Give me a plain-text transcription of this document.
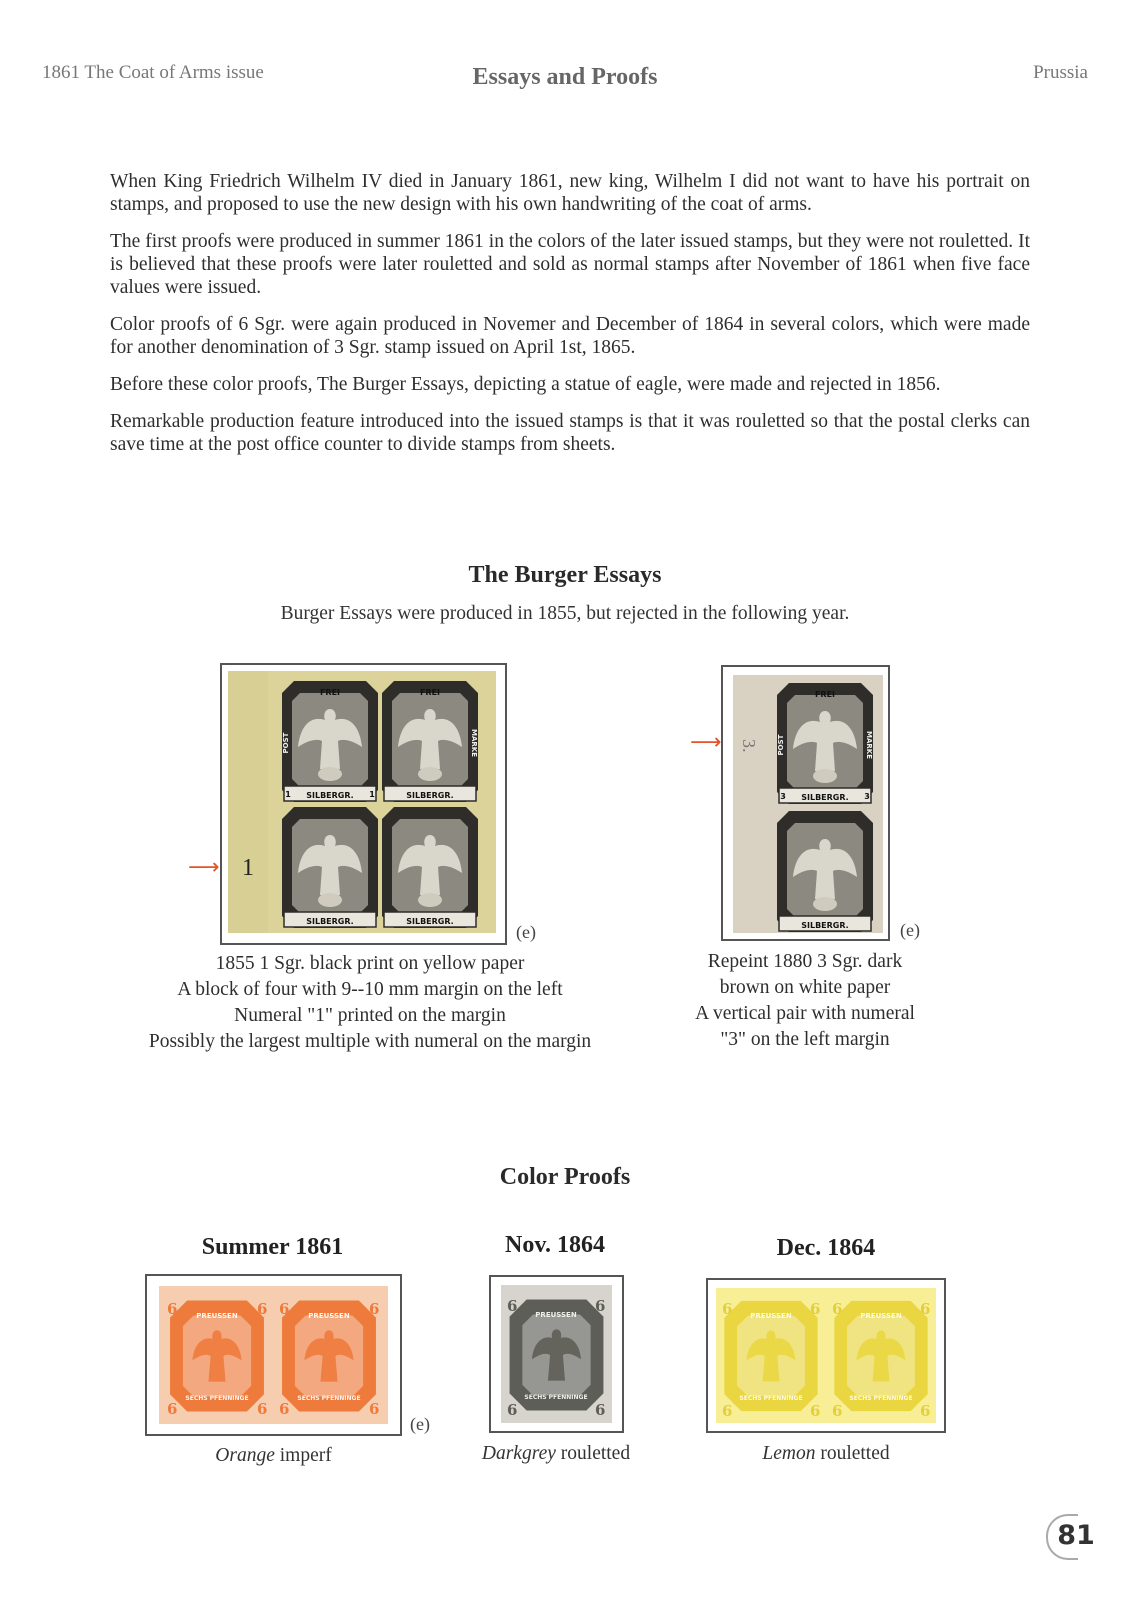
1861 The Coat of Arms issue	Essays and Proofs	Prussia

When King Friedrich Wilhelm IV died in January 1861, new king, Wilhelm I did not want to have his portrait on stamps, and proposed to use the new design with his own handwriting of the coat of arms.

The first proofs were produced in summer 1861 in the colors of the later issued stamps, but they were not rouletted. It is believed that these proofs were later rouletted and sold as normal stamps after November of 1861 when five face values were issued.

Color proofs of 6 Sgr. were again produced in Novemer and December of 1864 in several colors, which were made for another denomination of 3 Sgr. stamp issued on April 1st, 1865.

Before these color proofs, The Burger Essays, depicting a statue of eagle, were made and rejected in 1856.

Remarkable production feature introduced into the issued stamps is that it was rouletted so that the postal clerks can save time at the post office counter to divide stamps from sheets.

The Burger Essays
Burger Essays were produced in 1855, but rejected in the following year.
FREI	FREI
SILBERGR.	SILBERGR.
SILBERGR.	SILBERGR.
1	1
POST	MARKE
1
⟶
(e)
1855 1 Sgr. black print on yellow paper
A block of four with 9--10 mm margin on the left
Numeral "1" printed on the margin
Possibly the largest multiple with numeral on the margin
FREI
SILBERGR.
SILBERGR.
3	3
POST	MARKE
3.
⟶
(e)
Repeint 1880 3 Sgr. dark
brown on white paper
A vertical pair with numeral
"3" on the left margin
Color Proofs
Summer 1861
6	6 6	6
6	6 6	6
PREUSSEN	PREUSSEN
SECHS PFENNINGE	SECHS PFENNINGE
(e)
Orange imperf
Nov. 1864
6	6
6	6
PREUSSEN
SECHS PFENNINGE
Darkgrey rouletted
Dec. 1864
6	6 6	6
6	6 6	6
PREUSSEN	PREUSSEN
SECHS PFENNINGE	SECHS PFENNINGE
Lemon rouletted
81
